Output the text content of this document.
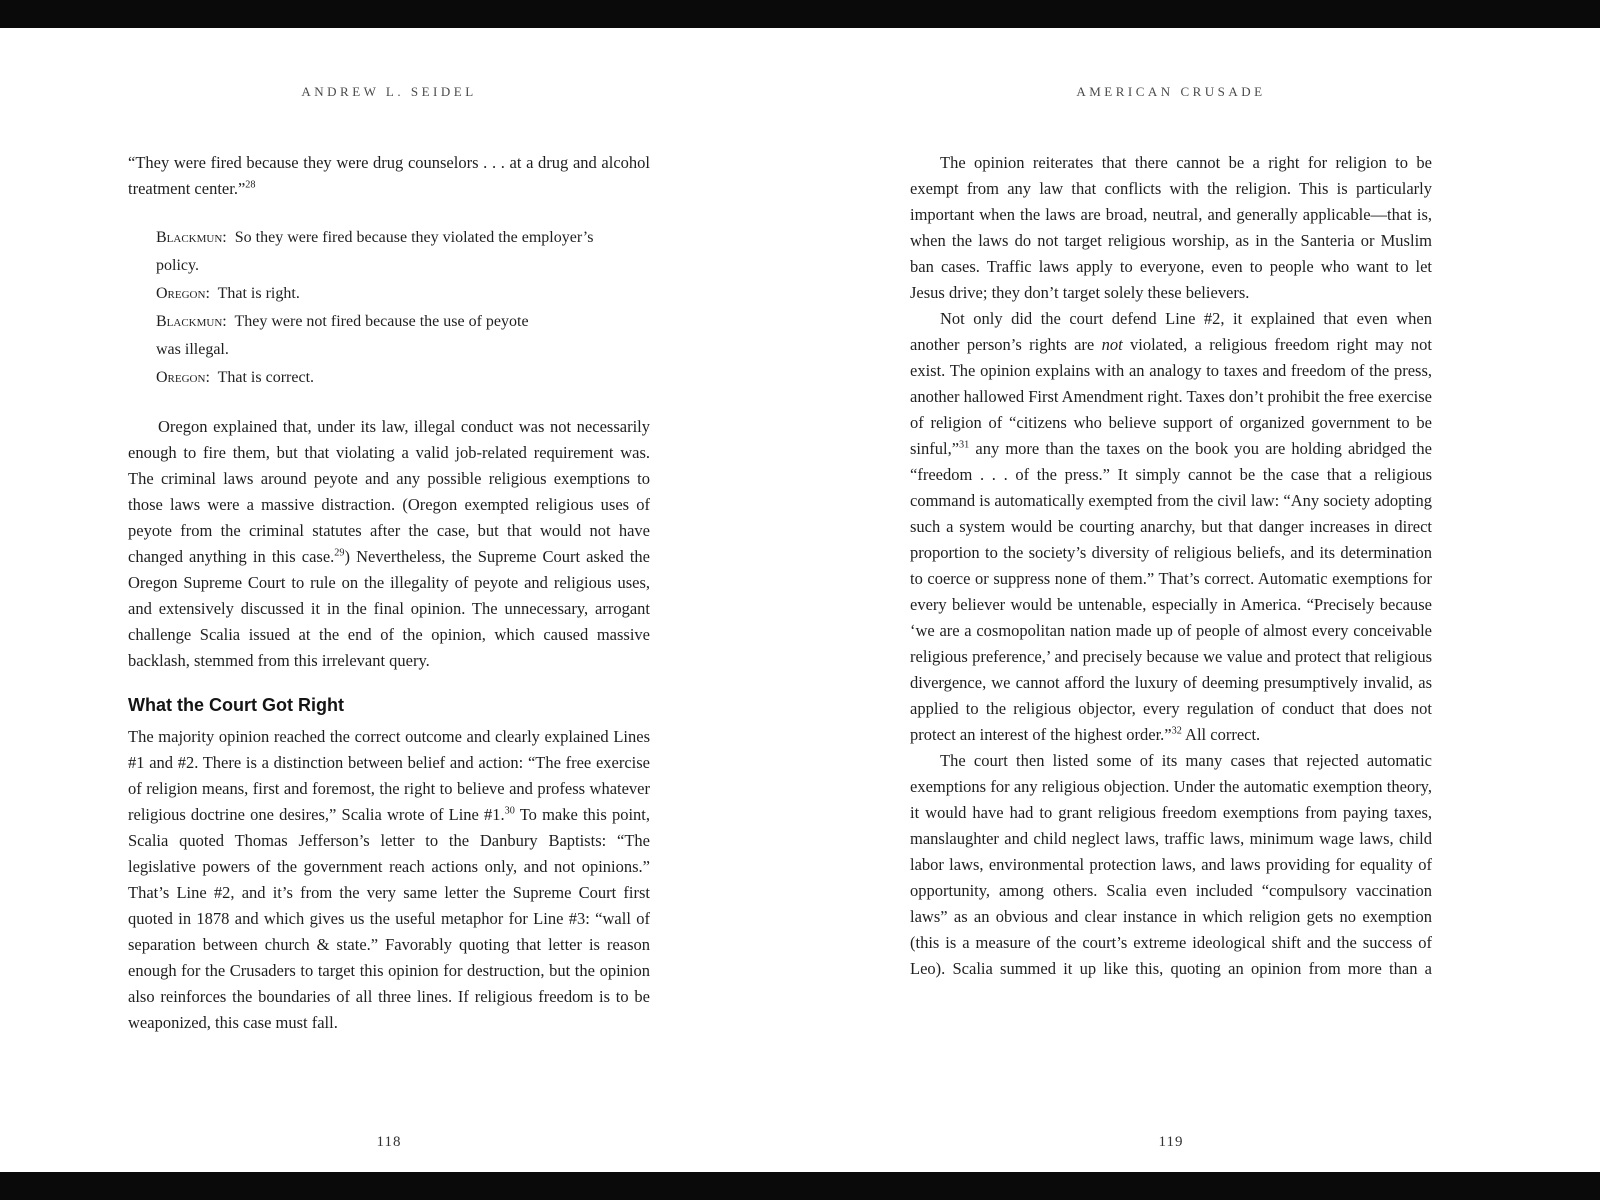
ANDREW L. SEIDEL

“They were fired because they were drug counselors . . . at a drug and alcohol treatment center.”$^{28}$

Blackmun:  So they were fired because they violated the employer’s
policy.
Oregon:  That is right.
Blackmun:  They were not fired because the use of peyote
was illegal.
Oregon:  That is correct.

Oregon explained that, under its law, illegal conduct was not necessarily enough to fire them, but that violating a valid job-related requirement was. The criminal laws around peyote and any possible religious exemptions to those laws were a massive distraction. (Oregon exempted religious uses of peyote from the criminal statutes after the case, but that would not have changed anything in this case.$^{29}$) Nevertheless, the Supreme Court asked the Oregon Supreme Court to rule on the illegality of peyote and religious uses, and extensively discussed it in the final opinion. The unnecessary, arrogant challenge Scalia issued at the end of the opinion, which caused massive backlash, stemmed from this irrelevant query.

What the Court Got Right

The majority opinion reached the correct outcome and clearly explained Lines #1 and #2. There is a distinction between belief and action: “The free exercise of religion means, first and foremost, the right to believe and profess whatever religious doctrine one desires,” Scalia wrote of Line #1.30 To make this point, Scalia quoted Thomas Jefferson’s letter to the Danbury Baptists: “The legislative powers of the government reach actions only, and not opinions.” That’s Line #2, and it’s from the very same letter the Supreme Court first quoted in 1878 and which gives us the useful metaphor for Line #3: “wall of separation between church & state.” Favorably quoting that letter is reason enough for the Crusaders to target this opinion for destruction, but the opinion also reinforces the boundaries of all three lines. If religious freedom is to be weaponized, this case must fall.

118
AMERICAN CRUSADE

The opinion reiterates that there cannot be a right for religion to be exempt from any law that conflicts with the religion. This is particularly important when the laws are broad, neutral, and generally applicable—that is, when the laws do not target religious worship, as in the Santeria or Muslim ban cases. Traffic laws apply to everyone, even to people who want to let Jesus drive; they don’t target solely these believers.

Not only did the court defend Line #2, it explained that even when another person’s rights are not violated, a religious freedom right may not exist. The opinion explains with an analogy to taxes and freedom of the press, another hallowed First Amendment right. Taxes don’t prohibit the free exercise of religion of “citizens who believe support of organized government to be sinful,”$^{31}$ any more than the taxes on the book you are holding abridged the “freedom . . . of the press.” It simply cannot be the case that a religious command is automatically exempted from the civil law: “Any society adopting such a system would be courting anarchy, but that danger increases in direct proportion to the society’s diversity of religious beliefs, and its determination to coerce or suppress none of them.” That’s correct. Automatic exemptions for every believer would be untenable, especially in America. “Precisely because ‘we are a cosmopolitan nation made up of people of almost every conceivable religious preference,’ and precisely because we value and protect that religious divergence, we cannot afford the luxury of deeming presumptively invalid, as applied to the religious objector, every regulation of conduct that does not protect an interest of the highest order.”$^{32}$ All correct.

The court then listed some of its many cases that rejected automatic exemptions for any religious objection. Under the automatic exemption theory, it would have had to grant religious freedom exemptions from paying taxes, manslaughter and child neglect laws, traffic laws, minimum wage laws, child labor laws, environmental protection laws, and laws providing for equality of opportunity, among others. Scalia even included “compulsory vaccination laws” as an obvious and clear instance in which religion gets no exemption (this is a measure of the court’s extreme ideological shift and the success of Leo). Scalia summed it up like this, quoting an opinion from more than a

119
